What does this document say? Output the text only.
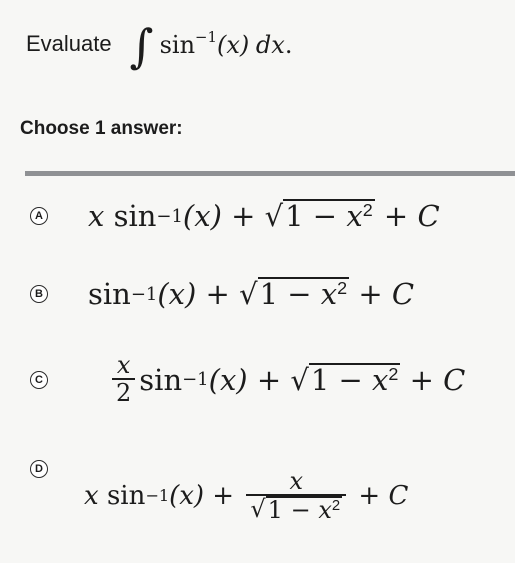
Evaluate ∫ $\sin^{-1}(x)$ dx.
Choose 1 answer:
A x sin −1 (x) + √ $1 - x^2 + C$
B sin −1 (x) + √ $1 - x^2 + C$
C	$\frac{x}{2}$ sin −1 (x) + √ $1 - x^2 + C$
D
x sin −1 $(x) + \frac{x}{√ 1 - x^2} + C$
